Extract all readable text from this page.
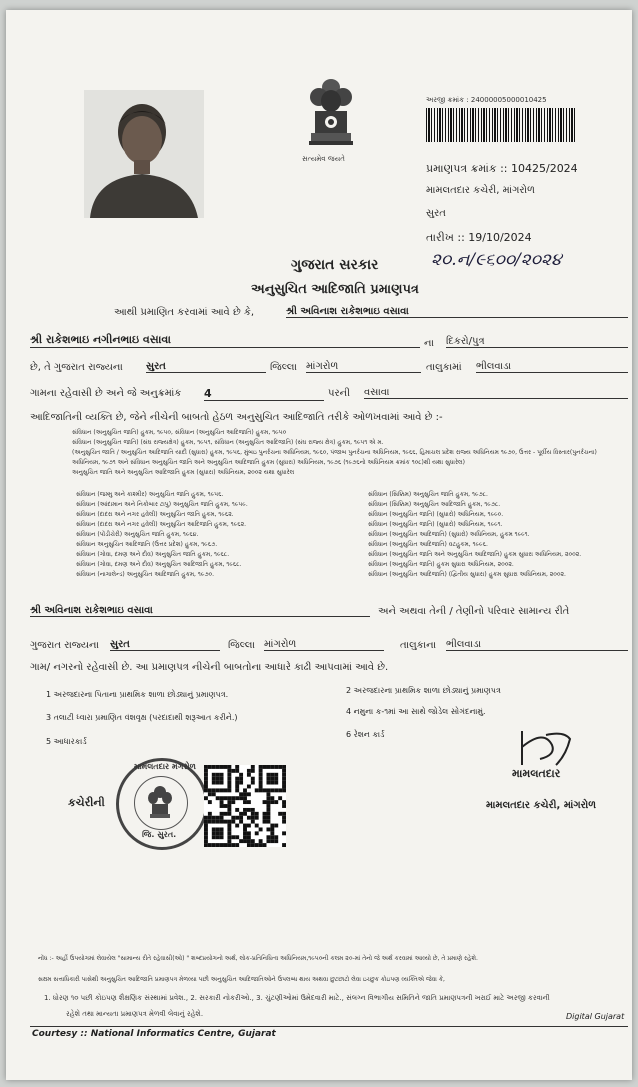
સત્યમેવ જયતે
અરજી ક્રમાંક : 24000005000010425
પ્રમાણપત્ર ક્રમાંક :: 10425/2024
મામલતદાર કચેરી, માંગરોળ
સુરત
તારીખ :: 19/10/2024
૨૦.ન/૯૬૦૦/૨૦૨૪
ગુજરાત સરકાર
અનુસુચિત આદિજાતિ પ્રમાણપત્ર
આથી પ્રમાણિત કરવામાં આવે છે કે,	શ્રી અવિનાશ રાકેશભાઇ વસાવા
શ્રી રાકેશભાઇ નગીનભાઇ વસાવા	ના દિકરો/પુત્ર
છે, તે ગુજરાત રાજ્યના સુરત	જિલ્લા માંગરોળ	તાલુકામાં ભીલવાડા
ગામના રહેવાસી છે અને જે અનુક્રમાંક 4	પરની વસાવા
આદિજાતિની વ્યક્તિ છે, જેને નીચેની બાબતો હેઠળ અનુસુચિત આદિજાતિ તરીકે ઓળખવામાં આવે છે :-
સંવિધાન (અનુસુચિત જાતિ) હુકમ, ૧૯૫૦, સંવિધાન (અનુસુચિત આદિજાતિ) હુકમ, ૧૯૫૦
સંવિધાન (અનુસુચિત જાતિ) (સંઘ રાજ્યક્ષેત્ર) હુકમ, ૧૯૫૧, સંવિધાન (અનુસુચિત આદિજાતિ) (સંઘ રાજ્ય ક્ષેત્ર) હુકમ, ૧૯૫૧ એ મ.
(અનુસુચિત જાતિ / અનુસુચિત આદિજાતિ યાદી (સુધારા) હુકમ, ૧૯૫૬, મુંબઇ પુનર્રચના અધિનિયમ, ૧૯૬૦, પંજાબ પુનર્રચના અધિનિયમ, ૧૯૬૬, હિમાચલ પ્રદેશ રાજ્ય અધિનિયમ ૧૯૭૦, ઉત્તર - પૂર્વીય વિસ્તાર(પુનર્રચના)
અધિનિયમ, ૧૯૭૧ અને સંવિધાન અનુસુચિત જાતિ અને અનુસુચિત આદિજાતિ હુકમ (સુધારા) અધિનિયમ, ૧૯૭૬ (૧૯૭૬નો અધિનિયમ ક્રમાંક ૧૦૮)થી યથા સુધારેલ)
અનુસુચિત જાતિ અને અનુસુચિત આદિજાતિ હુકમ (સુધારા) અધિનિયમ, ૨૦૦૨ યથા સુધારેલ
સંવિધાન (જમ્મુ અને કાશ્મીર) અનુસુચિત જાતિ હુકમ, ૧૯૫૬.
સંવિધાન (આંદામાન અને નિકોબાર ટાપુ) અનુસુચિત જાતિ હુકમ, ૧૯૫૯.
સંવિધાન (દાદરા અને નગર હવેલી) અનુસુચિત જાતિ હુકમ, ૧૯૬૨.
સંવિધાન (દાદરા અને નગર હવેલી) અનુસુચિત આદિજાતિ હુકમ, ૧૯૬૨.
સંવિધાન (પોંડીચેરી) અનુસુચિત જાતિ હુકમ, ૧૯૬૪.
સંવિધાન અનુસુચિત આદિજાતિ (ઉત્તર પ્રદેશ) હુકમ, ૧૯૬૭.
સંવિધાન (ગોવા, દમણ અને દીવ) અનુસુચિત જાતિ હુકમ, ૧૯૬૮.
સંવિધાન (ગોવા, દમણ અને દીવ) અનુસુચિત આદિજાતિ હુકમ, ૧૯૬૮.
સંવિધાન (નાગાલેન્ડ) અનુસુચિત આદિજાતિ હુકમ, ૧૯૭૦.
સંવિધાન (સિક્કિમ) અનુસુચિત જાતિ હુકમ, ૧૯૭૮.
સંવિધાન (સિક્કિમ) અનુસુચિત આદિજાતિ હુકમ, ૧૯૭૮.
સંવિધાન (અનુસુચિત જાતિ) (સુધારો) અધિનિયમ, ૧૯૯૦.
સંવિધાન (અનુસુચિત જાતિ) (સુધારો) અધિનિયમ, ૧૯૯૧.
સંવિધાન (અનુસુચિત આદિજાતિ) (સુધારો) અધિનિયમ, હુકમ ૧૯૯૧.
સંવિધાન (અનુસુચિત આદિજાતિ) વટહુકમ, ૧૯૯૬.
સંવિધાન (અનુસુચિત જાતિ અને અનુસુચિત આદિજાતિ) હુકમ સુધારા અધિનિયમ, ૨૦૦૨.
સંવિધાન (અનુસુચિત જાતિ) હુકમ સુધારા અધિનિયમ, ૨૦૦૨.
સંવિધાન (અનુસુચિત આદિજાતિ) (દ્વિતીય સુધારા) હુકમ સુધારા અધિનિયમ, ૨૦૦૨.
શ્રી અવિનાશ રાકેશભાઇ વસાવા	અને અથવા તેની / તેણીનો પરિવાર સામાન્ય રીતે
ગુજરાત રાજ્યના સુરત	જિલ્લા માંગરોળ	તાલુકાના ભીલવાડા
ગામ/ નગરનો રહેવાસી છે. આ પ્રમાણપત્ર નીચેની બાબતોના આધારે કાઢી આપવામાં આવે છે.
1 અરજદારના પિતાના પ્રાથમિક શાળા છોડ્યાનું પ્રમાણપત્ર.	2 અરજદારના પ્રાથમિક શાળા છોડ્યાનું પ્રમાણપત્ર
3 તલાટી ધ્વારા પ્રમાણિત વંશવૃક્ષ (પરદાદાથી શરૂઆત કરીને.)
4 નમુના ક-૧માં આ સાથે જોડેલ સોગંદનામું.
5 આધારકાર્ડ
6 રેશન કાર્ડ
કચેરીની
મામલતદાર મંગરોળ
જિ. સુરત.
મામલતદાર
મામલતદાર કચેરી, માંગરોળ
નોંધ :- અહીં ઉપયોગમાં લેવાયેલ "સામાન્ય રીતે રહેવાસી(ઓ) " શબ્દપ્રયોગનો અર્થ, લોક-પ્રતિનિધિત્વ અધિનિયમ,૧૯૫૦ની કલમ ૨૦-માં તેનો જે અર્થ કરવામાં આવ્યો છે, તે પ્રમાણે રહેશે.
સક્ષમ સત્તાધિકારી પાસેથી અનુસુચિત આદિજાતિ પ્રમાણપત્ર મેળવ્યા પછી અનુસુચિત આદિજાતિઓને ઉપલબ્ધ થાય અથવા છુટછાટો લેવા ઇચ્છુક કોઇપણ વ્યક્તિએ જેવા કે,
1. ધોરણ ૧૦ પછી કોઇપણ શૈક્ષણિક સંસ્થામાં પ્રવેશ., 2. સરકારી નોકરીઓ., 3. ચુંટણીઓમાં ઉમેદવારી માટે., સંલગ્ન વિભાગીય સમિતિને જાતિ પ્રમાણપત્રની ખરાઈ માટે અરજી કરવાની
રહેશે તથા માન્યતા પ્રમાણપત્ર મેળવી લેવાનું રહેશે.	Digital Gujarat
Courtesy :: National Informatics Centre, Gujarat
